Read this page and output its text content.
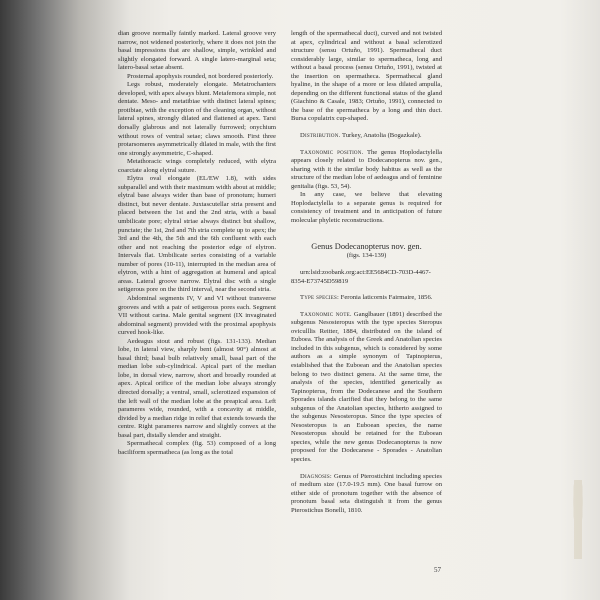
dian groove normally faintly marked. Lateral groove very narrow, not widened posteriorly, where it does not join the basal impressions that are shallow, simple, wrinkled and slightly elongated forward. A single latero-marginal seta; latero-basal setae absent.

Prosternal apophysis rounded, not bordered posteriorly.

Legs robust, moderately elongate. Metatrochanters developed, with apex always blunt. Metafemora simple, not dentate. Meso- and metatibiae with distinct lateral spines; protibiae, with the exception of the cleaning organ, without lateral spines, strongly dilated and flattened at apex. Tarsi dorsally glabrous and not laterally furrowed; onychium without rows of ventral setae; claws smooth. First three protarsomeres asymmetrically dilated in male, with the first one strongly asymmetric, C-shaped.

Metathoracic wings completely reduced, with elytra coarctate along elytral suture.

Elytra oval elongate (EL/EW 1.8), with sides subparallel and with their maximum width about at middle; elytral base always wider than base of pronotum; humeri distinct, but never dentate. Juxtascutellar stria present and placed between the 1st and the 2nd stria, with a basal umbilicate pore; elytral striae always distinct but shallow, punctate; the 1st, 2nd and 7th stria complete up to apex; the 3rd and the 4th, the 5th and the 6th confluent with each other and not reaching the posterior edge of elytron. Intervals flat. Umbilicate series consisting of a variable number of pores (10-11), interrupted in the median area of elytron, with a hint of aggregation at humeral and apical areas. Lateral groove narrow. Elytral disc with a single setigerous pore on the third interval, near the second stria.

Abdominal segments IV, V and VI without transverse grooves and with a pair of setigerous pores each. Segment VII without carina. Male genital segment (IX invaginated abdominal segment) provided with the proximal apophysis curved hook-like.

Aedeagus stout and robust (figs. 131-133). Median lobe, in lateral view, sharply bent (almost 90°) almost at basal third; basal bulb relatively small, basal part of the median lobe sub-cylindrical. Apical part of the median lobe, in dorsal view, narrow, short and broadly rounded at apex. Apical orifice of the median lobe always strongly directed dorsally; a ventral, small, sclerotized expansion of the left wall of the median lobe at the preapical area. Left parameres wide, rounded, with a concavity at middle, divided by a median ridge in relief that extends towards the centre. Right parameres narrow and slightly convex at the basal part, distally slender and straight.

Spermathecal complex (fig. 53) composed of a long baciliform spermatheca (as long as the total

length of the spermathecal duct), curved and not twisted at apex, cylindrical and without a basal sclerotized structure (sensu Ortuño, 1991). Spermathecal duct considerably large, similar to spermatheca, long and without a basal process (sensu Ortuño, 1991), twisted at the insertion on spermatheca. Spermathecal gland hyaline, in the shape of a more or less dilated ampulla, depending on the different functional status of the gland (Giachino & Casale, 1983; Ortuño, 1991), connected to the base of the spermatheca by a long and thin duct. Bursa copulatrix cup-shaped.

Distribution. Turkey, Anatolia (Bogazkale).

Taxonomic position. The genus Hoplodactylella appears closely related to Dodecanopterus nov. gen., sharing with it the similar body habitus as well as the structure of the median lobe of aedeagus and of feminine genitalia (figs. 53, 54).

In any case, we believe that elevating Hoplodactylella to a separate genus is required for consistency of treatment and in anticipation of future molecular phyletic reconstructions.

Genus Dodecanopterus nov. gen.

(figs. 134-139)

urn:lsid:zoobank.org:act:EE5684CD-703D-4467-8354-E73745D59819

Type species: Feronia laticornis Fairmaire, 1856.

Taxonomic note. Ganglbauer (1891) described the subgenus Nesosteropus with the type species Steropus oviculllis Reitter, 1884, distributed on the island of Euboea. The analysis of the Greek and Anatolian species included in this subgenus, which is considered by some authors as a simple synonym of Tapinopterus, established that the Euboean and the Anatolian species belong to two distinct genera. At the same time, the analysis of the species, identified generically as Tapinopterus, from the Dodecanese and the Southern Sporades islands clarified that they belong to the same subgenus of the Anatolian species, hitherto assigned to the subgenus Nesosteropus. Since the type species of Nesosteropus is an Euboean species, the name Nesosteropus should be retained for the Euboean species, while the new genus Dodecanopterus is now proposed for the Dodecanese - Sporades - Anatolian species.

Diagnosis: Genus of Pterostichini including species of medium size (17.0-19.5 mm). One basal furrow on either side of pronotum together with the absence of pronotum basal seta distinguish it from the genus Pterostichus Bonelli, 1810.

57
